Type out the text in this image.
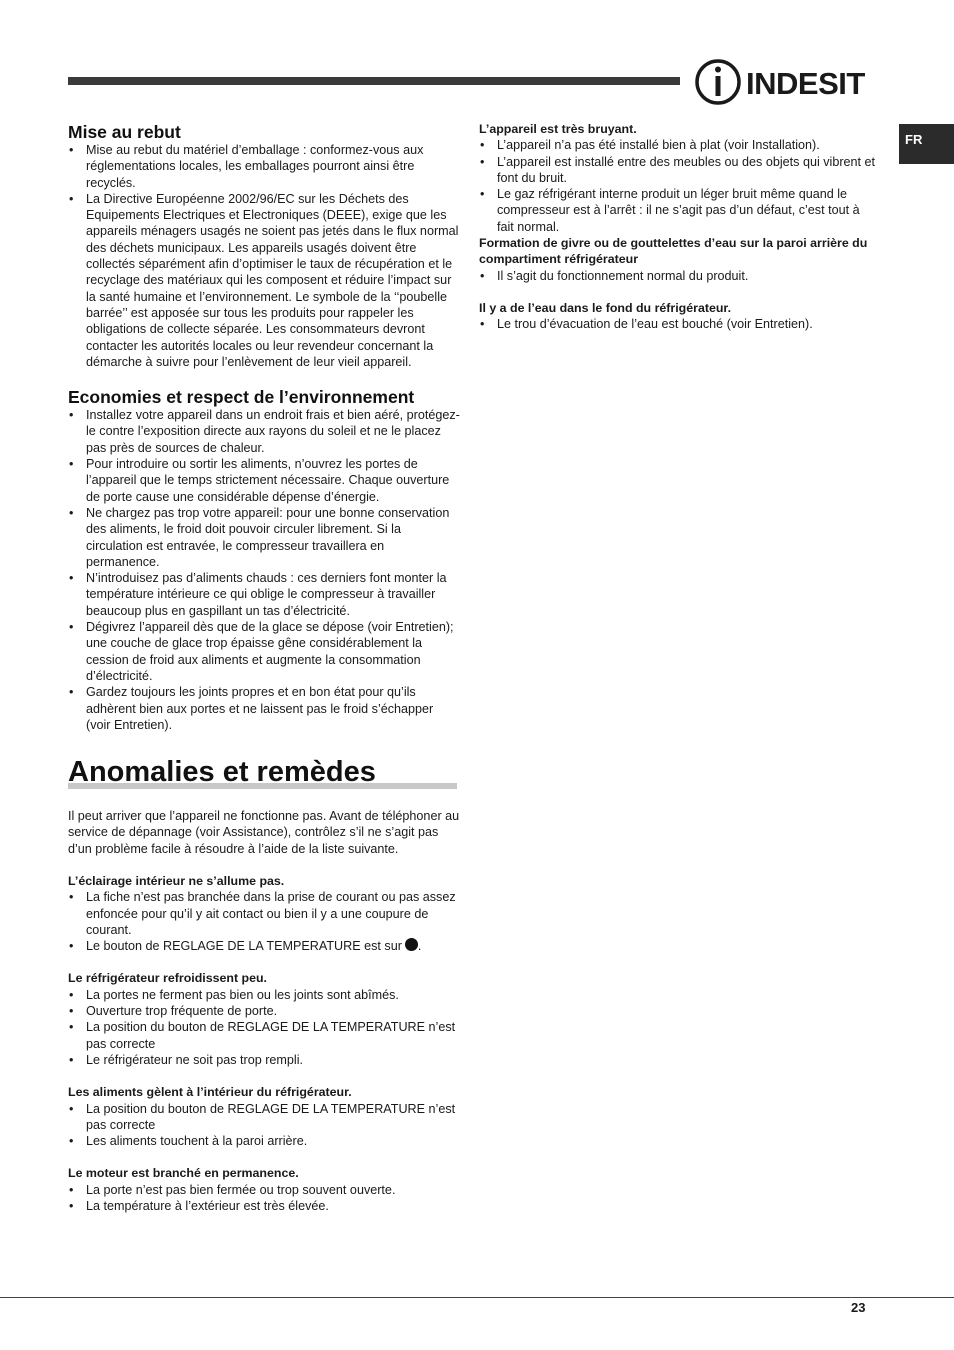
INDESIT
FR
Mise au rebut
• Mise au rebut du matériel d’emballage : conformez-vous aux réglementations locales, les emballages pourront ainsi être recyclés.
• La Directive Européenne 2002/96/EC sur les Déchets des Equipements Electriques et Electroniques (DEEE), exige que les appareils ménagers usagés ne soient pas jetés dans le flux normal des déchets municipaux. Les appareils usagés doivent être collectés séparément afin d’optimiser le taux de récupération et le recyclage des matériaux qui les composent et réduire l’impact sur la santé humaine et l’environnement. Le symbole de la ‘‘poubelle barrée’’ est apposée sur tous les produits pour rappeler les obligations de collecte séparée. Les consommateurs devront contacter les autorités locales ou leur revendeur concernant la démarche à suivre pour l’enlèvement de leur vieil appareil.
Economies et respect de l’environnement
• Installez votre appareil dans un endroit frais et bien aéré, protégez-le contre l’exposition directe aux rayons du soleil et ne le placez pas près de sources de chaleur.
• Pour introduire ou sortir les aliments, n’ouvrez les portes de l’appareil que le temps strictement nécessaire. Chaque ouverture de porte cause une considérable dépense d’énergie.
• Ne chargez pas trop votre appareil: pour une bonne conservation des aliments, le froid doit pouvoir circuler librement. Si la circulation est entravée, le compresseur travaillera en permanence.
• N’introduisez pas d’aliments chauds : ces derniers font monter la température intérieure ce qui oblige le compresseur à travailler beaucoup plus en gaspillant un tas d’électricité.
• Dégivrez l’appareil dès que de la glace se dépose (voir Entretien); une couche de glace trop épaisse gêne considérablement la cession de froid aux aliments et augmente la consommation d’électricité.
• Gardez toujours les joints propres et en bon état pour qu’ils adhèrent bien aux portes et ne laissent pas le froid s’échapper (voir Entretien).
Anomalies et remèdes

Il peut arriver que l’appareil ne fonctionne pas. Avant de téléphoner au service de dépannage (voir Assistance), contrôlez s’il ne s’agit pas d’un problème facile à résoudre à l’aide de la liste suivante.

L’éclairage intérieur ne s’allume pas.

• La fiche n’est pas branchée dans la prise de courant ou pas assez enfoncée pour qu’il y ait contact ou bien il y a une coupure de courant.
• Le bouton de REGLAGE DE LA TEMPERATURE est sur .

Le réfrigérateur refroidissent peu.

• La portes ne ferment pas bien ou les joints sont abîmés.
• Ouverture trop fréquente de porte.
• La position du bouton de REGLAGE DE LA TEMPERATURE n’est pas correcte
• Le réfrigérateur ne soit pas trop rempli.

Les aliments gèlent à l’intérieur du réfrigérateur.

• La position du bouton de REGLAGE DE LA TEMPERATURE n’est pas correcte
• Les aliments touchent à la paroi arrière.

Le moteur est branché en permanence.

• La porte n’est pas bien fermée ou trop souvent ouverte.
• La température à l’extérieur est très élevée.

L’appareil est très bruyant.

• L’appareil n’a pas été installé bien à plat (voir Installation).
• L’appareil est installé entre des meubles ou des objets qui vibrent et font du bruit.
• Le gaz réfrigérant interne produit un léger bruit même quand le compresseur est à l’arrêt : il ne s’agit pas d’un défaut, c’est tout à fait normal.

Formation de givre ou de gouttelettes d’eau sur la paroi arrière du compartiment réfrigérateur

• Il s’agit du fonctionnement normal du produit.

Il y a de l’eau dans le fond du réfrigérateur.

• Le trou d’évacuation de l’eau est bouché (voir Entretien).
23
